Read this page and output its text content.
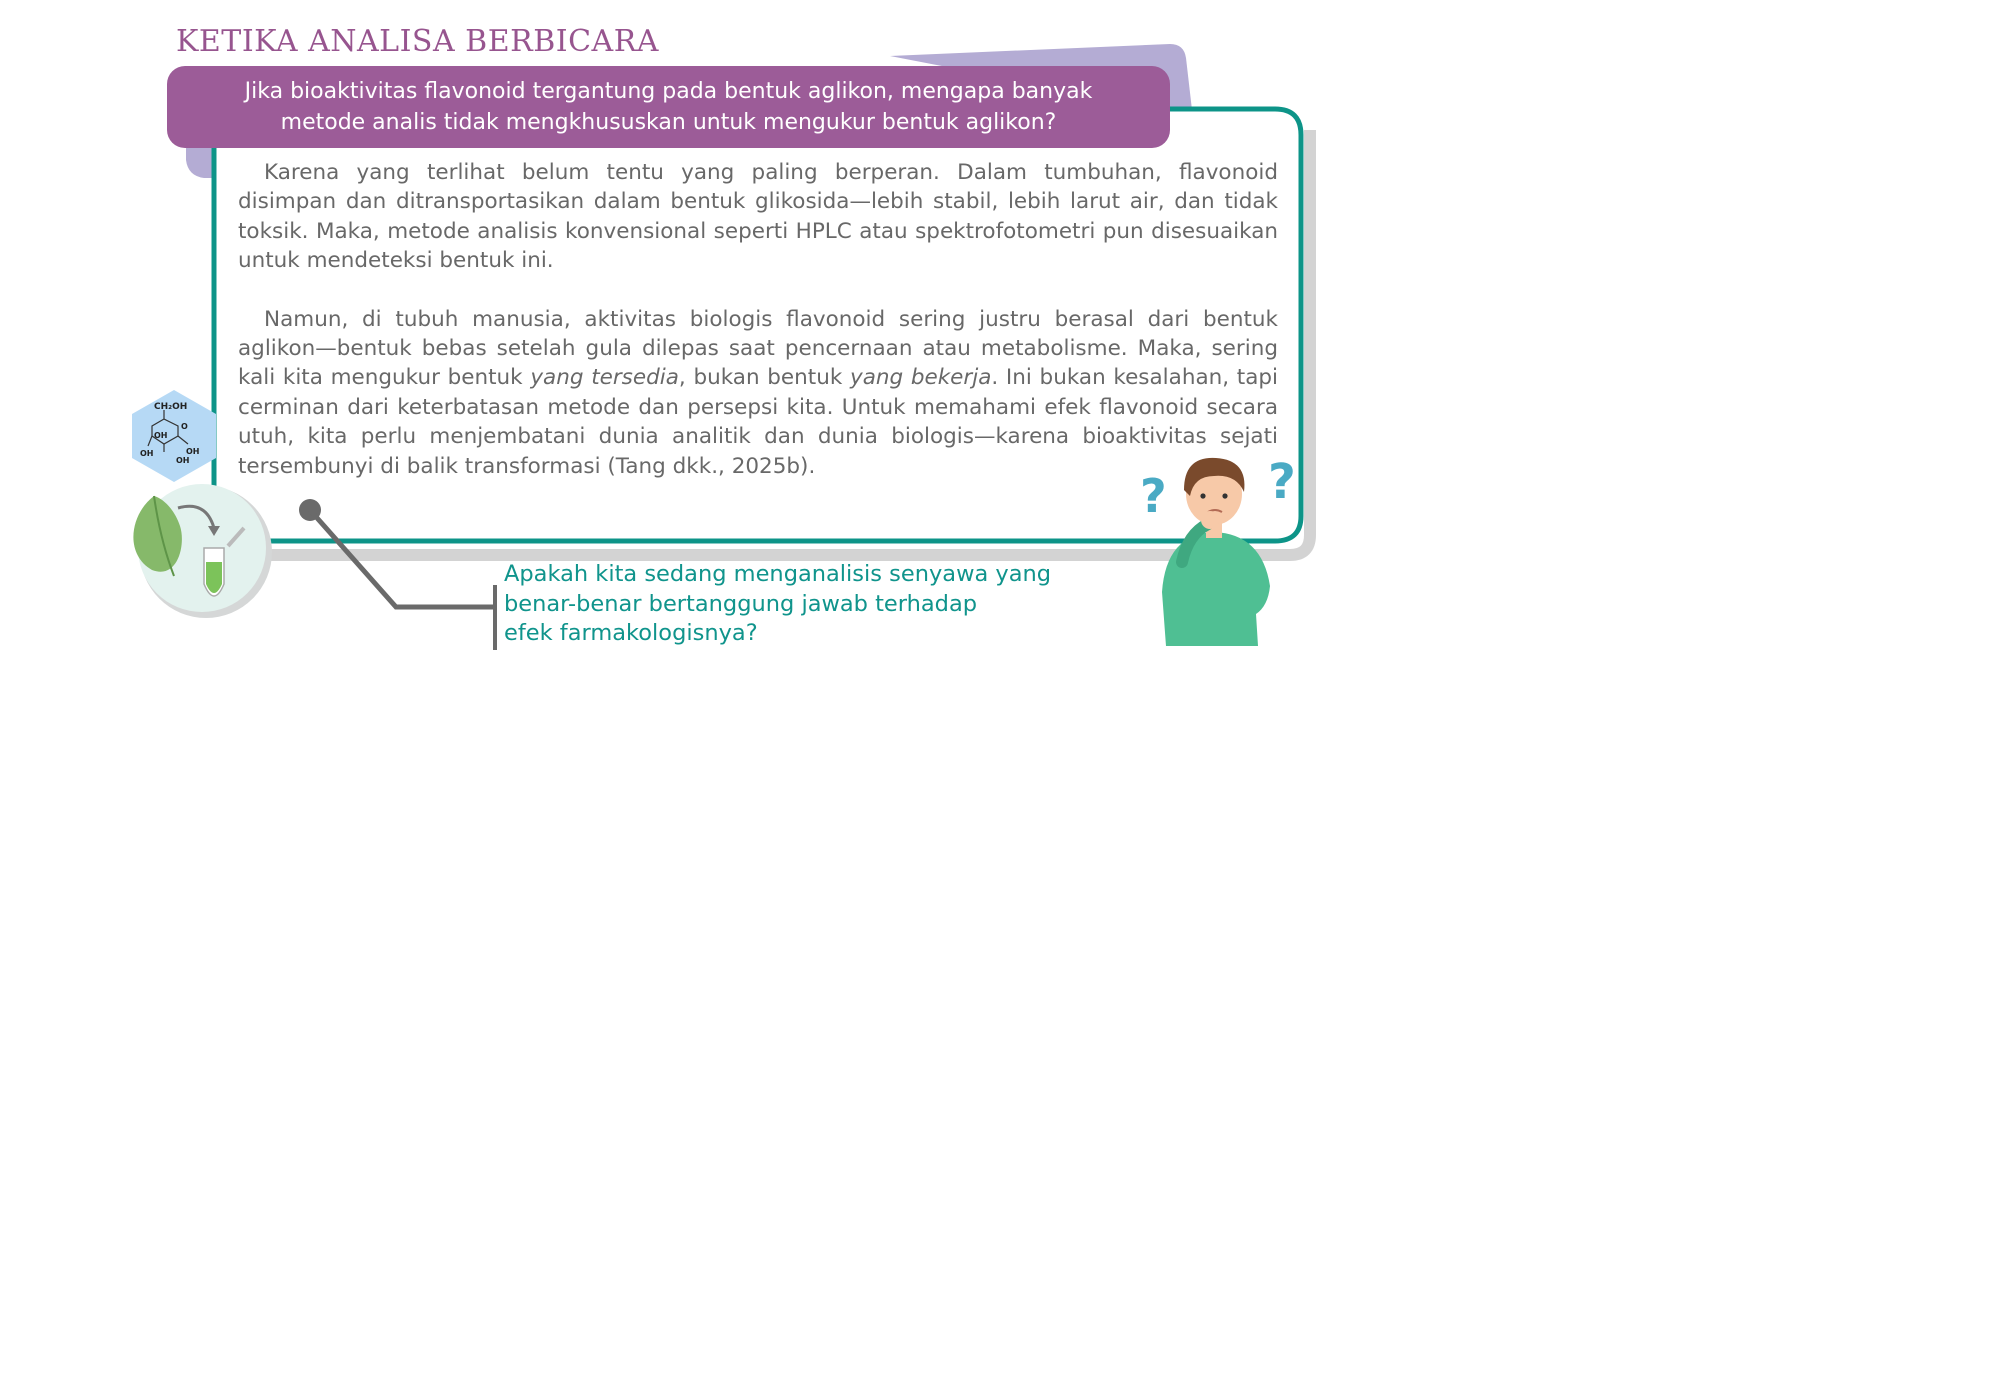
KETIKA ANALISA BERBICARA
Jika bioaktivitas flavonoid tergantung pada bentuk aglikon, mengapa banyak metode analis tidak mengkhususkan untuk mengukur bentuk aglikon?

Karena yang terlihat belum tentu yang paling berperan. Dalam tumbuhan, flavonoid disimpan dan ditransportasikan dalam bentuk glikosida—lebih stabil, lebih larut air, dan tidak toksik. Maka, metode analisis konvensional seperti HPLC atau spektrofotometri pun disesuaikan untuk mendeteksi bentuk ini.

Namun, di tubuh manusia, aktivitas biologis flavonoid sering justru berasal dari bentuk aglikon—bentuk bebas setelah gula dilepas saat pencernaan atau metabolisme. Maka, sering kali kita mengukur bentuk yang tersedia, bukan bentuk yang bekerja. Ini bukan kesalahan, tapi cerminan dari keterbatasan metode dan persepsi kita. Untuk memahami efek flavonoid secara utuh, kita perlu menjembatani dunia analitik dan dunia biologis—karena bioaktivitas sejati tersembunyi di balik transformasi (Tang dkk., 2025b).

Apakah kita sedang menganalisis senyawa yang
benar-benar bertanggung jawab terhadap
efek farmakologisnya?
CH₂OH
O
OH
OH
OH
OH
? ?
